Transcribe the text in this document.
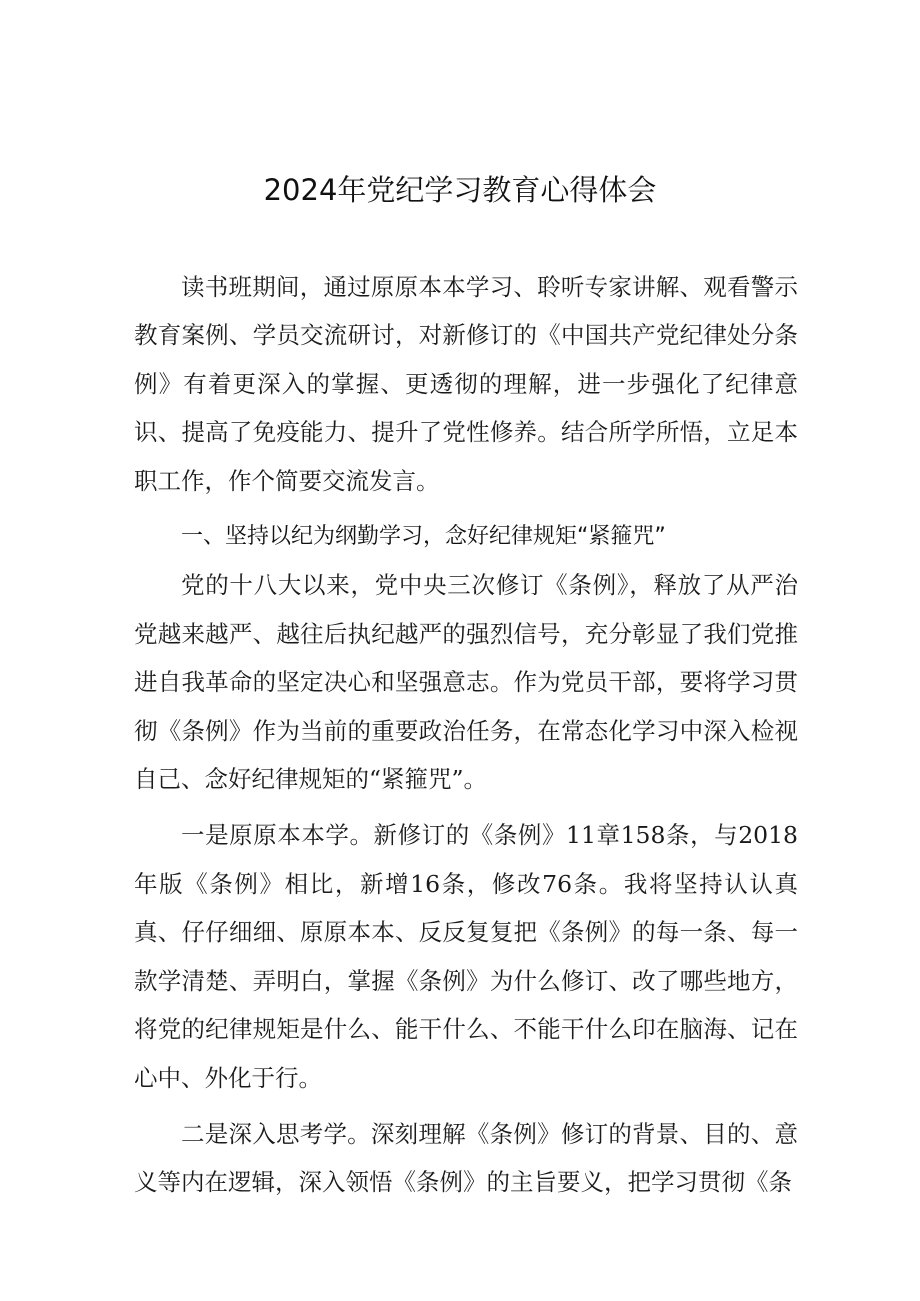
2024年党纪学习教育心得体会

读书班期间，通过原原本本学习、聆听专家讲解、观看警示教育案例、学员交流研讨，对新修订的《中国共产党纪律处分条例》有着更深入的掌握、更透彻的理解，进一步强化了纪律意识、提高了免疫能力、提升了党性修养。结合所学所悟，立足本职工作，作个简要交流发言。

一、坚持以纪为纲勤学习，念好纪律规矩“紧箍咒”

党的十八大以来，党中央三次修订《条例》，释放了从严治党越来越严、越往后执纪越严的强烈信号，充分彰显了我们党推进自我革命的坚定决心和坚强意志。作为党员干部，要将学习贯彻《条例》作为当前的重要政治任务，在常态化学习中深入检视自己、念好纪律规矩的“紧箍咒”。

一是原原本本学。新修订的《条例》11章158条，与2018年版《条例》相比，新增16条，修改76条。我将坚持认认真真、仔仔细细、原原本本、反反复复把《条例》的每一条、每一款学清楚、弄明白，掌握《条例》为什么修订、改了哪些地方，将党的纪律规矩是什么、能干什么、不能干什么印在脑海、记在心中、外化于行。

二是深入思考学。深刻理解《条例》修订的背景、目的、意义等内在逻辑，深入领悟《条例》的主旨要义，把学习贯彻《条
